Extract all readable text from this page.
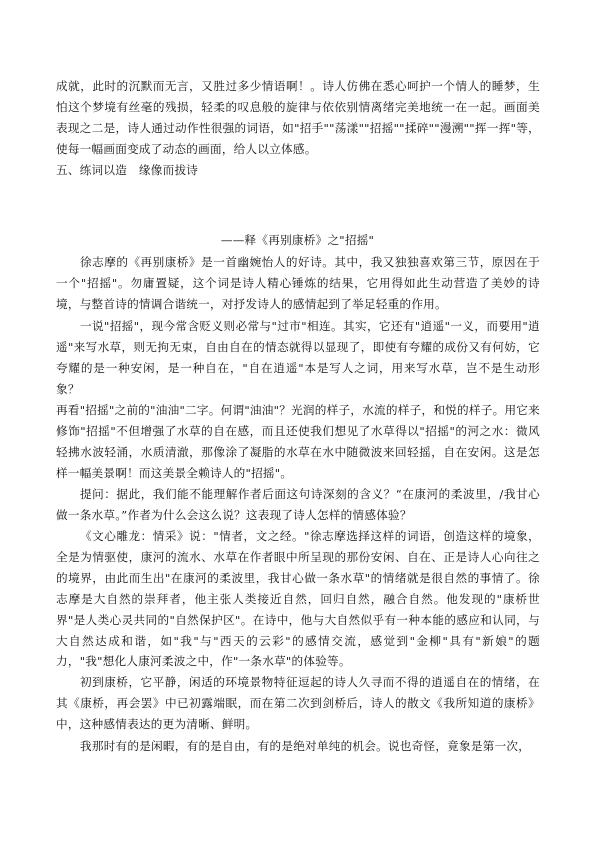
成就，此时的沉默而无言，又胜过多少情语啊！。诗人仿佛在悉心呵护一个情人的睡梦，生怕这个梦境有丝毫的残损，轻柔的叹息般的旋律与依依别情离绪完美地统一在一起。画面美表现之二是，诗人通过动作性很强的词语，如"招手""荡漾""招摇""揉碎""漫溯""挥一挥"等，使每一幅画面变成了动态的画面，给人以立体感。
五、练词以造　缘像而拔诗
——释《再别康桥》之"招摇"
徐志摩的《再别康桥》是一首幽婉怡人的好诗。其中，我又独独喜欢第三节，原因在于一个"招摇"。勿庸置疑，这个词是诗人精心锤炼的结果，它用得如此生动营造了美妙的诗境，与整首诗的情调合谐统一，对抒发诗人的感情起到了举足轻重的作用。
一说"招摇"，现今常含贬义则必常与"过市"相连。其实，它还有"逍遥"一义，而要用"逍遥"来写水草，则无拘无束，自由自在的情态就得以显现了，即使有夸耀的成份又有何妨，它夸耀的是一种安闲，是一种自在，"自在逍遥"本是写人之词，用来写水草，岂不是生动形象？
再看"招摇"之前的"油油"二字。何谓"油油"？光润的样子，水流的样子，和悦的样子。用它来修饰"招摇"不但增强了水草的自在感，而且还使我们想见了水草得以"招摇"的河之水：微风轻拂水波轻涌，水质清澈，那像涂了凝脂的水草在水中随微波来回轻摇，自在安闲。这是怎样一幅美景啊！而这美景全赖诗人的"招摇"。
提问：据此，我们能不能理解作者后面这句诗深刻的含义？“在康河的柔波里，/我甘心做一条水草。”作者为什么会这么说？这表现了诗人怎样的情感体验？
《文心雕龙：情采》说："情者，文之经。"徐志摩选择这样的词语，创造这样的境象，全是为情驱使，康河的流水、水草在作者眼中所呈现的那份安闲、自在、正是诗人心向往之的境界，由此而生出"在康河的柔波里，我甘心做一条水草"的情绪就是很自然的事情了。徐志摩是大自然的崇拜者，他主张人类接近自然，回归自然，融合自然。他发现的"康桥世界"是人类心灵共同的"自然保护区"。在诗中，他与大自然似乎有一种本能的感应和认同，与大自然达成和谐，如"我"与"西天的云彩"的感情交流，感觉到"金柳"具有"新娘"的题力，"我"想化人康河柔波之中，作"一条水草"的体验等。
初到康桥，它平静，闲适的环境景物特征逗起的诗人久寻而不得的逍遥自在的情绪，在其《康桥，再会罢》中已初露端眠，而在第二次到剑桥后，诗人的散文《我所知道的康桥》中，这种感情表达的更为清晰、鲜明。
我那时有的是闲暇，有的是自由，有的是绝对单纯的机会。说也奇怪，竟象是第一次，
